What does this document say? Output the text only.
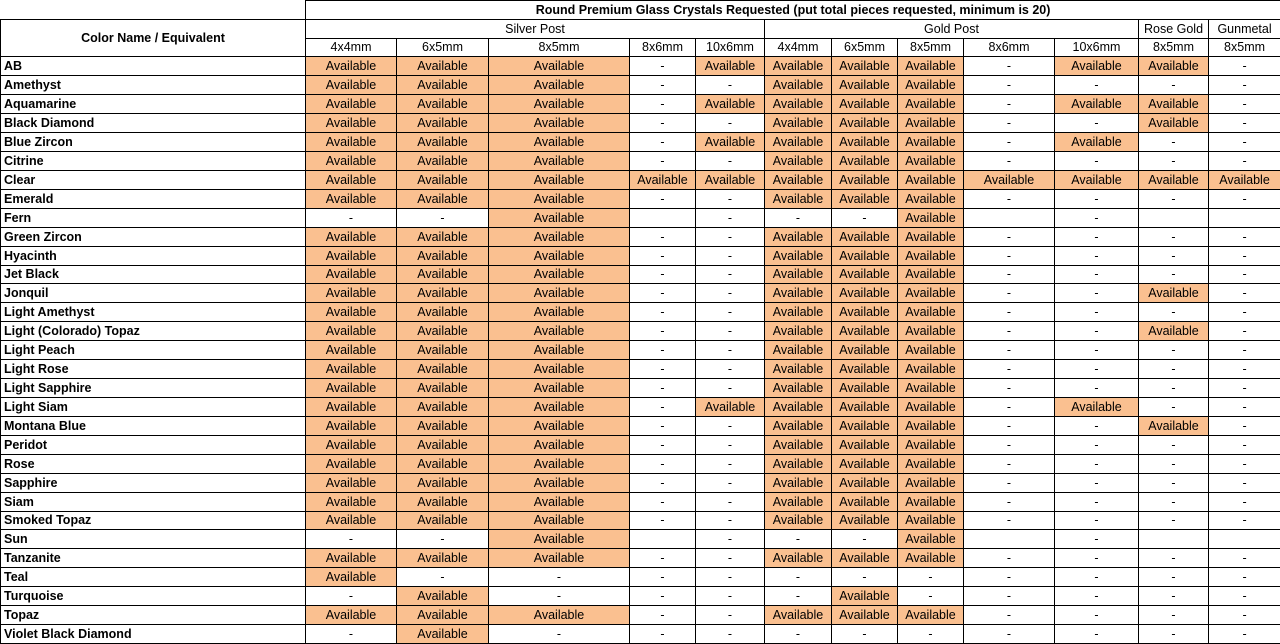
	Round Premium Glass Crystals Requested (put total pieces requested, minimum is 20)											
Color Name / Equivalent	Silver Post					Gold Post					Rose Gold	Gunmetal
	4x4mm	6x5mm	8x5mm	8x6mm	10x6mm	4x4mm	6x5mm	8x5mm	8x6mm	10x6mm	8x5mm	8x5mm
AB	Available	Available	Available	-	Available	Available	Available	Available	-	Available	Available	-
Amethyst	Available	Available	Available	-	-	Available	Available	Available	-	-	-	-
Aquamarine	Available	Available	Available	-	Available	Available	Available	Available	-	Available	Available	-
Black Diamond	Available	Available	Available	-	-	Available	Available	Available	-	-	Available	-
Blue Zircon	Available	Available	Available	-	Available	Available	Available	Available	-	Available	-	-
Citrine	Available	Available	Available	-	-	Available	Available	Available	-	-	-	-
Clear	Available	Available	Available	Available	Available	Available	Available	Available	Available	Available	Available	Available
Emerald	Available	Available	Available	-	-	Available	Available	Available	-	-	-	-
Fern	-	-	Available		-	-	-	Available		-		
Green Zircon	Available	Available	Available	-	-	Available	Available	Available	-	-	-	-
Hyacinth	Available	Available	Available	-	-	Available	Available	Available	-	-	-	-
Jet Black	Available	Available	Available	-	-	Available	Available	Available	-	-	-	-
Jonquil	Available	Available	Available	-	-	Available	Available	Available	-	-	Available	-
Light Amethyst	Available	Available	Available	-	-	Available	Available	Available	-	-	-	-
Light (Colorado) Topaz	Available	Available	Available	-	-	Available	Available	Available	-	-	Available	-
Light Peach	Available	Available	Available	-	-	Available	Available	Available	-	-	-	-
Light Rose	Available	Available	Available	-	-	Available	Available	Available	-	-	-	-
Light Sapphire	Available	Available	Available	-	-	Available	Available	Available	-	-	-	-
Light Siam	Available	Available	Available	-	Available	Available	Available	Available	-	Available	-	-
Montana Blue	Available	Available	Available	-	-	Available	Available	Available	-	-	Available	-
Peridot	Available	Available	Available	-	-	Available	Available	Available	-	-	-	-
Rose	Available	Available	Available	-	-	Available	Available	Available	-	-	-	-
Sapphire	Available	Available	Available	-	-	Available	Available	Available	-	-	-	-
Siam	Available	Available	Available	-	-	Available	Available	Available	-	-	-	-
Smoked Topaz	Available	Available	Available	-	-	Available	Available	Available	-	-	-	-
Sun	-	-	Available		-	-	-	Available		-		
Tanzanite	Available	Available	Available	-	-	Available	Available	Available	-	-	-	-
Teal	Available	-	-	-	-	-	-	-	-	-	-	-
Turquoise	-	Available	-	-	-	-	Available	-	-	-	-	-
Topaz	Available	Available	Available	-	-	Available	Available	Available	-	-	-	-
Violet Black Diamond	-	Available	-	-	-	-	-	-	-	-	-	-
